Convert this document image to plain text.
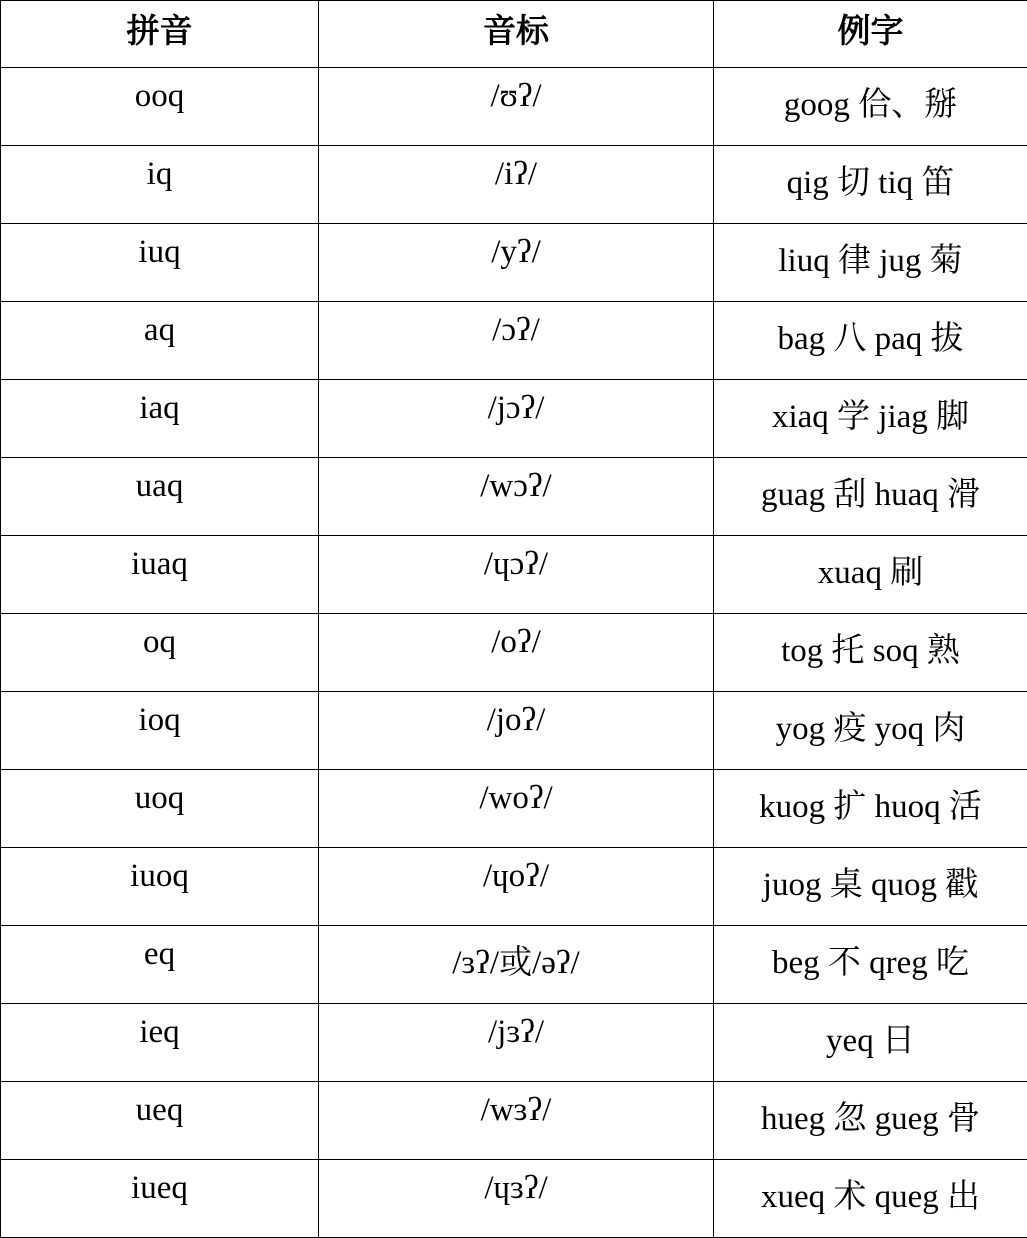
拼音	音标	例字
ooq	/ʊʔ/	goog 佮、掰
iq	/iʔ/	qig 切 tiq 笛
iuq	/yʔ/	liuq 律 jug 菊
aq	/ɔʔ/	bag 八 paq 拔
iaq	/jɔʔ/	xiaq 学 jiag 脚
uaq	/wɔʔ/	guag 刮 huaq 滑
iuaq	/ɥɔʔ/	xuaq 刷
oq	/oʔ/	tog 托 soq 熟
ioq	/joʔ/	yog 疫 yoq 肉
uoq	/woʔ/	kuog 扩 huoq 活
iuoq	/ɥoʔ/	juog 桌 quog 戳
eq	/ɜʔ/或/əʔ/	beg 不 qreg 吃
ieq	/jɜʔ/	yeq 日
ueq	/wɜʔ/	hueg 忽 gueg 骨
iueq	/ɥɜʔ/	xueq 术 queg 出
